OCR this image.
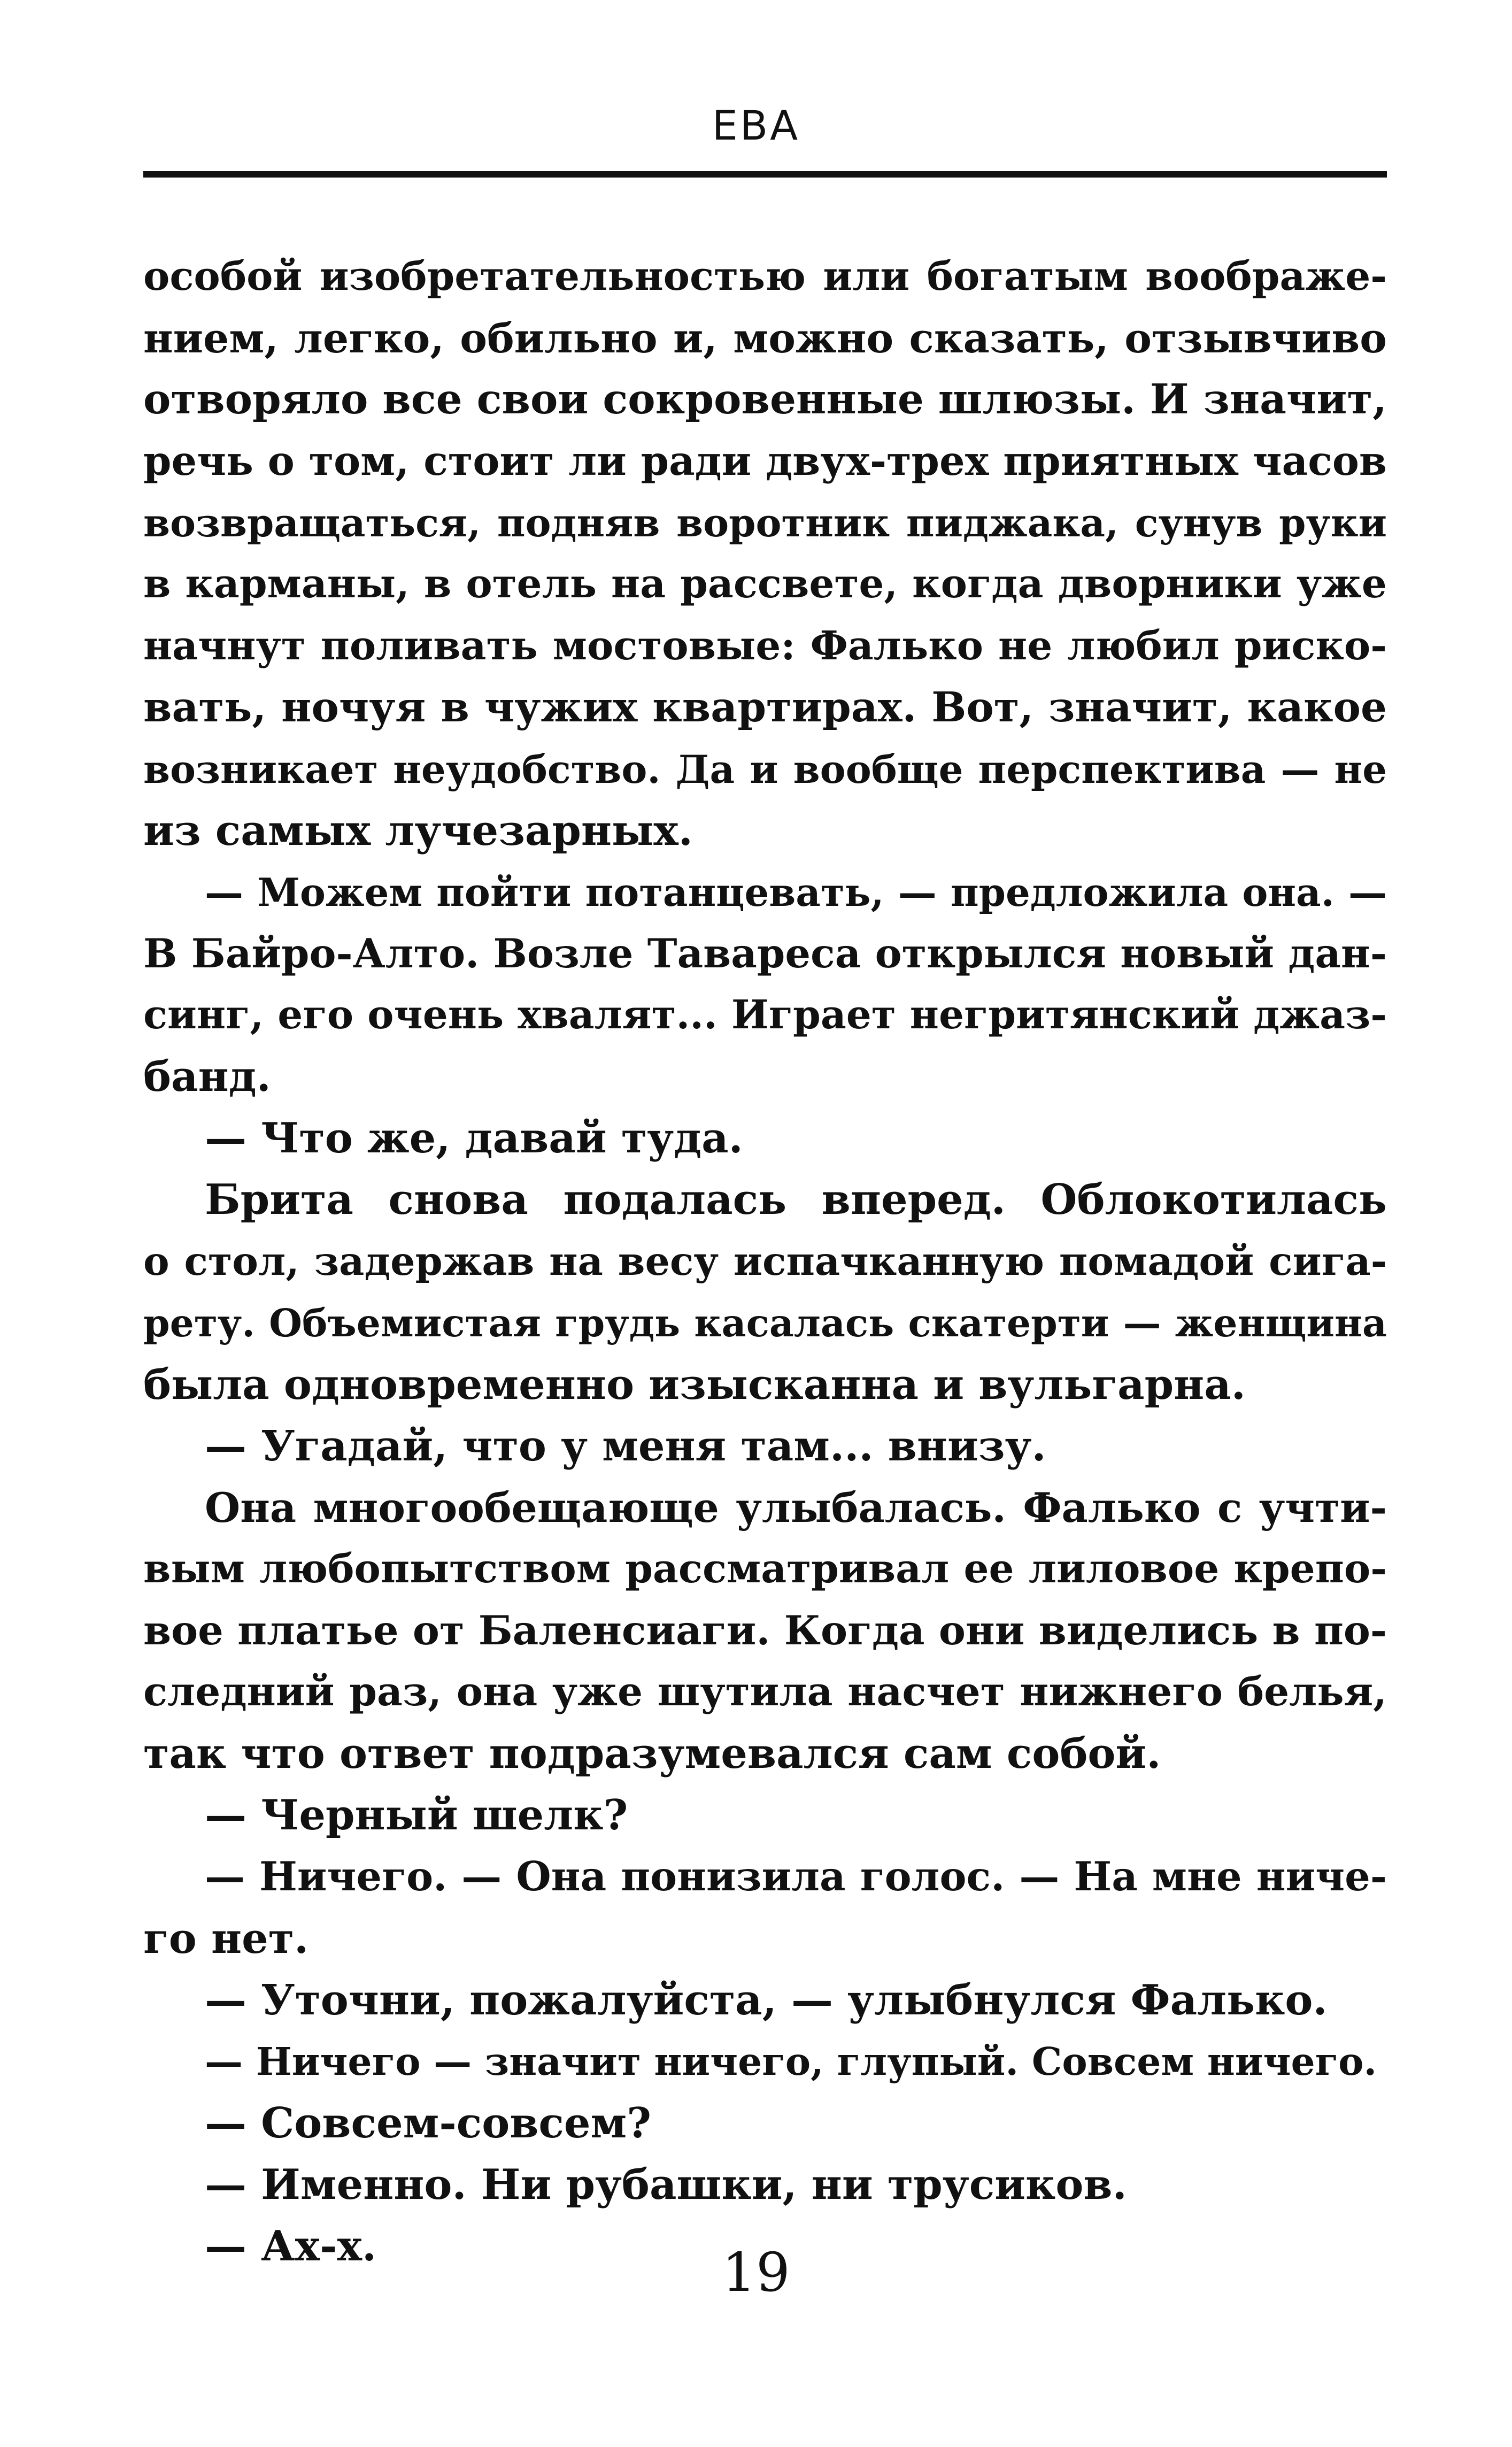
ЕВА
особой изобретательностью или богатым воображе-
нием, легко, обильно и, можно сказать, отзывчиво
отворяло все свои сокровенные шлюзы. И значит,
речь о том, стоит ли ради двух-трех приятных часов
возвращаться, подняв воротник пиджака, сунув руки
в карманы, в отель на рассвете, когда дворники уже
начнут поливать мостовые: Фалько не любил риско-
вать, ночуя в чужих квартирах. Вот, значит, какое
возникает неудобство. Да и вообще перспектива — не
из самых лучезарных.
— Можем пойти потанцевать, — предложила она. —
В Байро-Алто. Возле Тавареса открылся новый дан-
синг, его очень хвалят... Играет негритянский джаз-
банд.
— Что же, давай туда.
Брита снова подалась вперед. Облокотилась
о стол, задержав на весу испачканную помадой сига-
рету. Объемистая грудь касалась скатерти — женщина
была одновременно изысканна и вульгарна.
— Угадай, что у меня там... внизу.
Она многообещающе улыбалась. Фалько с учти-
вым любопытством рассматривал ее лиловое крепо-
вое платье от Баленсиаги. Когда они виделись в по-
следний раз, она уже шутила насчет нижнего белья,
так что ответ подразумевался сам собой.
— Черный шелк?
— Ничего. — Она понизила голос. — На мне ниче-
го нет.
— Уточни, пожалуйста, — улыбнулся Фалько.
— Ничего — значит ничего, глупый. Совсем ничего.
— Совсем-совсем?
— Именно. Ни рубашки, ни трусиков.
— Ах-х.	19
